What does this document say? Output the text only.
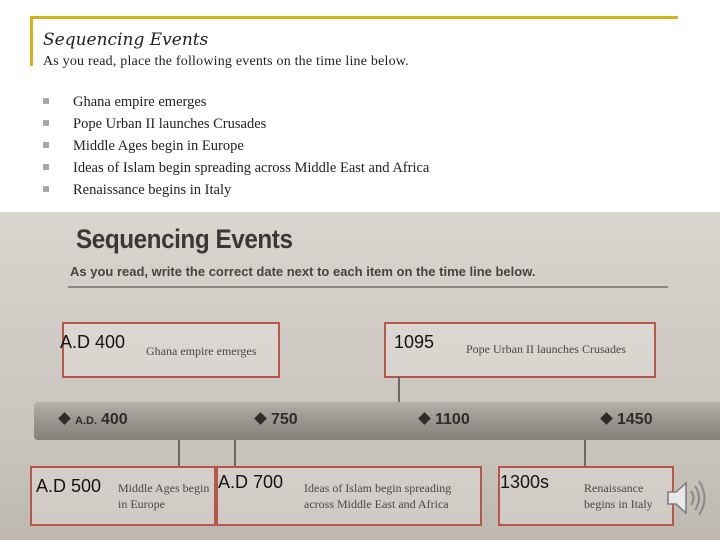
Sequencing Events
As you read, place the following events on the time line below.
Ghana empire emerges
Pope Urban II launches Crusades
Middle Ages begin in Europe
Ideas of Islam begin spreading across Middle East and Africa
Renaissance begins in Italy
Sequencing Events
As you read, write the correct date next to each item on the time line below.
A.D 400 Ghana empire emerges	1095	Pope Urban II launches Crusades
A.D. 400	750	1100	1450
A.D 500 Middle Ages begin in Europe
A.D 700 Ideas of Islam begin spreading across Middle East and Africa
1300s	Renaissance begins in Italy
